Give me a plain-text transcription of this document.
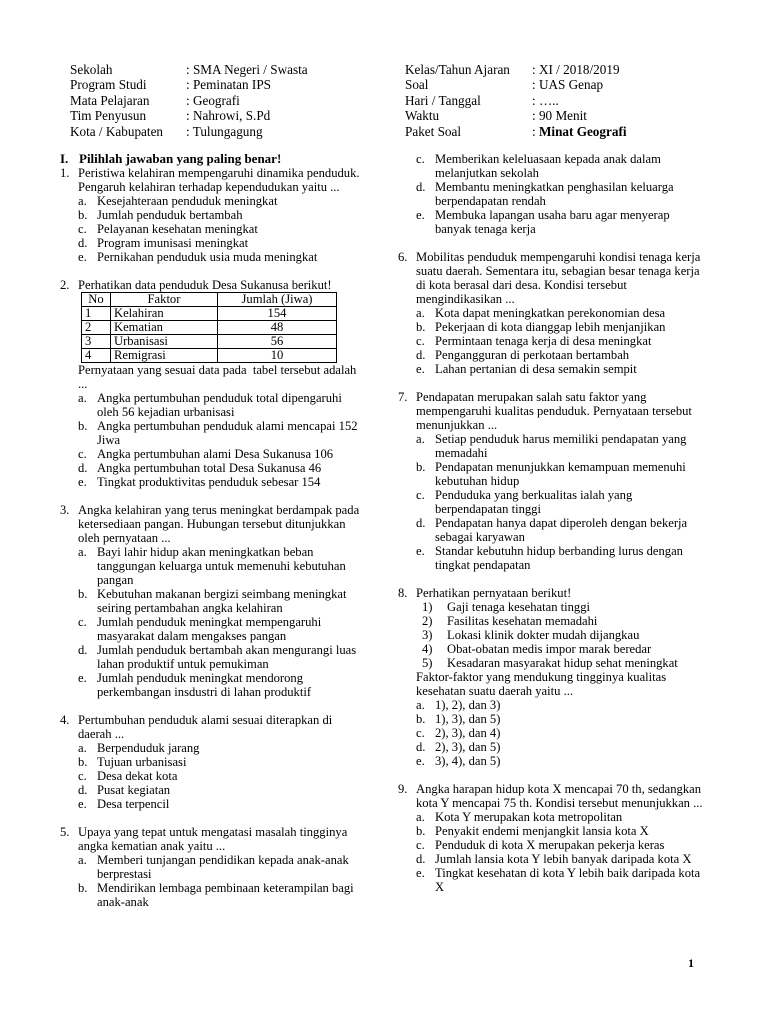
Sekolah	: SMA Negeri / Swasta
Program Studi	: Peminatan IPS
Mata Pelajaran	: Geografi
Tim Penyusun	: Nahrowi, S.Pd
Kota / Kabupaten	: Tulungagung
Kelas/Tahun Ajaran	: XI / 2018/2019
Soal	: UAS Genap
Hari / Tanggal	: …..
Waktu	: 90 Menit
Paket Soal	: Minat Geografi
I. Pilihlah jawaban yang paling benar!
1. Peristiwa kelahiran mempengaruhi dinamika penduduk. Pengaruh kelahiran terhadap kependudukan yaitu ...
a. Kesejahteraan penduduk meningkat
b. Jumlah penduduk bertambah
c. Pelayanan kesehatan meningkat
d. Program imunisasi meningkat
e. Pernikahan penduduk usia muda meningkat
2. Perhatikan data penduduk Desa Sukanusa berikut!
No	Faktor	Jumlah (Jiwa)
1	Kelahiran	154
2	Kematian	48
3	Urbanisasi	56
4	Remigrasi	10
Pernyataan yang sesuai data pada  tabel tersebut adalah ...
a. Angka pertumbuhan penduduk total dipengaruhi oleh 56 kejadian urbanisasi
b. Angka pertumbuhan penduduk alami mencapai 152 Jiwa
c. Angka pertumbuhan alami Desa Sukanusa 106
d. Angka pertumbuhan total Desa Sukanusa 46
e. Tingkat produktivitas penduduk sebesar 154
3. Angka kelahiran yang terus meningkat berdampak pada ketersediaan pangan. Hubungan tersebut ditunjukkan oleh pernyataan ...
a. Bayi lahir hidup akan meningkatkan beban tanggungan keluarga untuk memenuhi kebutuhan pangan
b. Kebutuhan makanan bergizi seimbang meningkat seiring pertambahan angka kelahiran
c. Jumlah penduduk meningkat mempengaruhi masyarakat dalam mengakses pangan
d. Jumlah penduduk bertambah akan mengurangi luas lahan produktif untuk pemukiman
e. Jumlah penduduk meningkat mendorong perkembangan insdustri di lahan produktif
4. Pertumbuhan penduduk alami sesuai diterapkan di daerah ...
a. Berpenduduk jarang
b. Tujuan urbanisasi
c. Desa dekat kota
d. Pusat kegiatan
e. Desa terpencil
5. Upaya yang tepat untuk mengatasi masalah tingginya angka kematian anak yaitu ...
a. Memberi tunjangan pendidikan kepada anak-anak berprestasi
b. Mendirikan lembaga pembinaan keterampilan bagi anak-anak
c. Memberikan keleluasaan kepada anak dalam melanjutkan sekolah
d. Membantu meningkatkan penghasilan keluarga berpendapatan rendah
e. Membuka lapangan usaha baru agar menyerap banyak tenaga kerja
6. Mobilitas penduduk mempengaruhi kondisi tenaga kerja suatu daerah. Sementara itu, sebagian besar tenaga kerja di kota berasal dari desa. Kondisi tersebut mengindikasikan ...
a. Kota dapat meningkatkan perekonomian desa
b. Pekerjaan di kota dianggap lebih menjanjikan
c. Permintaan tenaga kerja di desa meningkat
d. Pengangguran di perkotaan bertambah
e. Lahan pertanian di desa semakin sempit
7. Pendapatan merupakan salah satu faktor yang mempengaruhi kualitas penduduk. Pernyataan tersebut menunjukkan ...
a. Setiap penduduk harus memiliki pendapatan yang memadahi
b. Pendapatan menunjukkan kemampuan memenuhi kebutuhan hidup
c. Penduduka yang berkualitas ialah yang berpendapatan tinggi
d. Pendapatan hanya dapat diperoleh dengan bekerja sebagai karyawan
e. Standar kebutuhn hidup berbanding lurus dengan tingkat pendapatan
8. Perhatikan pernyataan berikut!
1)	Gaji tenaga kesehatan tinggi
2)	Fasilitas kesehatan memadahi
3)	Lokasi klinik dokter mudah dijangkau
4)	Obat-obatan medis impor marak beredar
5)	Kesadaran masyarakat hidup sehat meningkat
Faktor-faktor yang mendukung tingginya kualitas kesehatan suatu daerah yaitu ...
a. 1), 2), dan 3)
b. 1), 3), dan 5)
c. 2), 3), dan 4)
d. 2), 3), dan 5)
e. 3), 4), dan 5)
9. Angka harapan hidup kota X mencapai 70 th, sedangkan kota Y mencapai 75 th. Kondisi tersebut menunjukkan ...
a. Kota Y merupakan kota metropolitan
b. Penyakit endemi menjangkit lansia kota X
c. Penduduk di kota X merupakan pekerja keras
d. Jumlah lansia kota Y lebih banyak daripada kota X
e. Tingkat kesehatan di kota Y lebih baik daripada kota X
1
